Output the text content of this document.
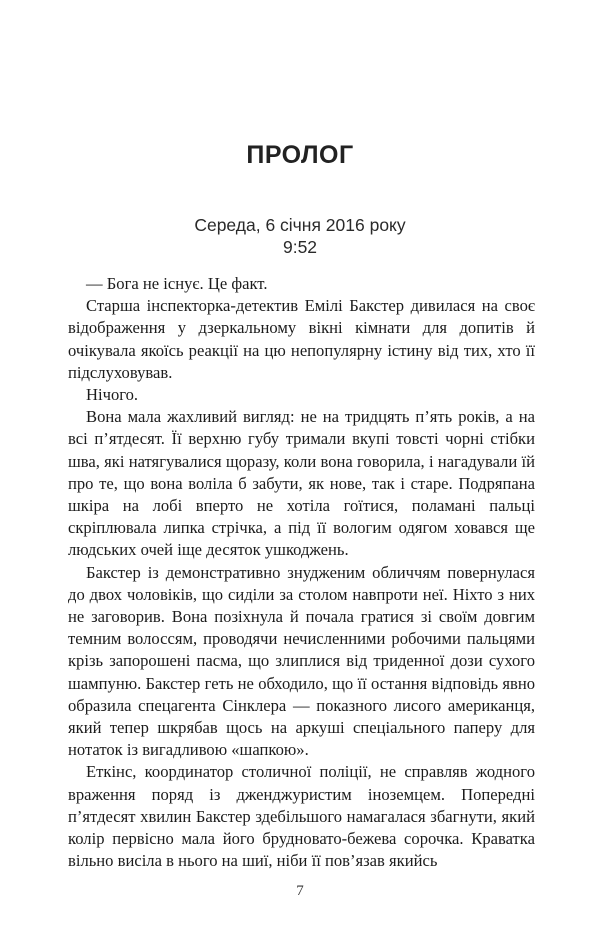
ПРОЛОГ
Середа, 6 січня 2016 року
9:52

— Бога не існує. Це факт.

Старша інспекторка-детектив Емілі Бакстер дивилася на своє відображення у дзеркальному вікні кімнати для допитів й очікувала якоїсь реакції на цю непопулярну істину від тих, хто її підслуховував.

Нічого.

Вона мала жахливий вигляд: не на тридцять п’ять років, а на всі п’ятдесят. Її верхню губу тримали вкупі товсті чорні стібки шва, які натягувалися щоразу, коли вона говорила, і нагадували їй про те, що вона воліла б забути, як нове, так і старе. Подряпана шкіра на лобі вперто не хотіла гоїтися, поламані пальці скріплювала липка стрічка, а під її вологим одягом ховався ще людських очей іще десяток ушкоджень.

Бакстер із демонстративно знудженим обличчям повернулася до двох чоловіків, що сиділи за столом навпроти неї. Ніхто з них не заговорив. Вона позіхнула й почала гратися зі своїм довгим темним волоссям, проводячи нечисленними робочими пальцями крізь запорошені пасма, що злиплися від триденної дози сухого шампуню. Бакстер геть не обходило, що її остання відповідь явно образила спецагента Сінклера — показного лисого американця, який тепер шкрябав щось на аркуші спеціального паперу для нотаток із вигадливою «шапкою».

Еткінс, координатор столичної поліції, не справляв жодного враження поряд із дженджуристим іноземцем. Попередні п’ятдесят хвилин Бакстер здебільшого намагалася збагнути, який колір первісно мала його брудновато-бежева сорочка. Краватка вільно висіла в нього на шиї, ніби її пов’язав якийсь

7
